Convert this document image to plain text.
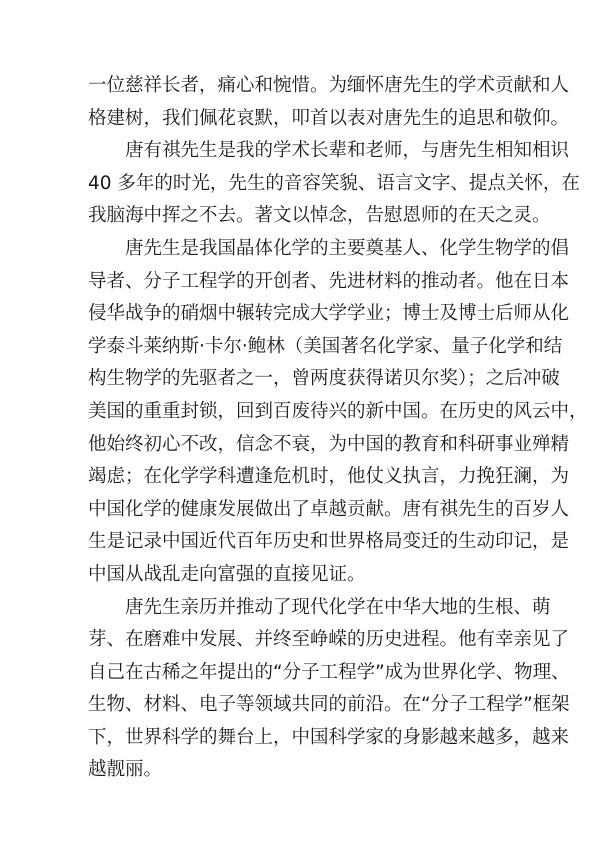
一位慈祥长者，痛心和惋惜。为缅怀唐先生的学术贡献和人
格建树，我们佩花哀默，叩首以表对唐先生的追思和敬仰。
　　唐有祺先生是我的学术长辈和老师，与唐先生相知相识
40 多年的时光，先生的音容笑貌、语言文字、提点关怀，在
我脑海中挥之不去。著文以悼念，告慰恩师的在天之灵。
　　唐先生是我国晶体化学的主要奠基人、化学生物学的倡
导者、分子工程学的开创者、先进材料的推动者。他在日本
侵华战争的硝烟中辗转完成大学学业；博士及博士后师从化
学泰斗莱纳斯·卡尔·鲍林（美国著名化学家、量子化学和结
构生物学的先驱者之一，曾两度获得诺贝尔奖）；之后冲破
美国的重重封锁，回到百废待兴的新中国。在历史的风云中，
他始终初心不改，信念不衰，为中国的教育和科研事业殚精
竭虑；在化学学科遭逢危机时，他仗义执言，力挽狂澜，为
中国化学的健康发展做出了卓越贡献。唐有祺先生的百岁人
生是记录中国近代百年历史和世界格局变迁的生动印记，是
中国从战乱走向富强的直接见证。
　　唐先生亲历并推动了现代化学在中华大地的生根、萌
芽、在磨难中发展、并终至峥嵘的历史进程。他有幸亲见了
自己在古稀之年提出的“分子工程学”成为世界化学、物理、
生物、材料、电子等领域共同的前沿。在“分子工程学”框架
下，世界科学的舞台上，中国科学家的身影越来越多，越来
越靓丽。
